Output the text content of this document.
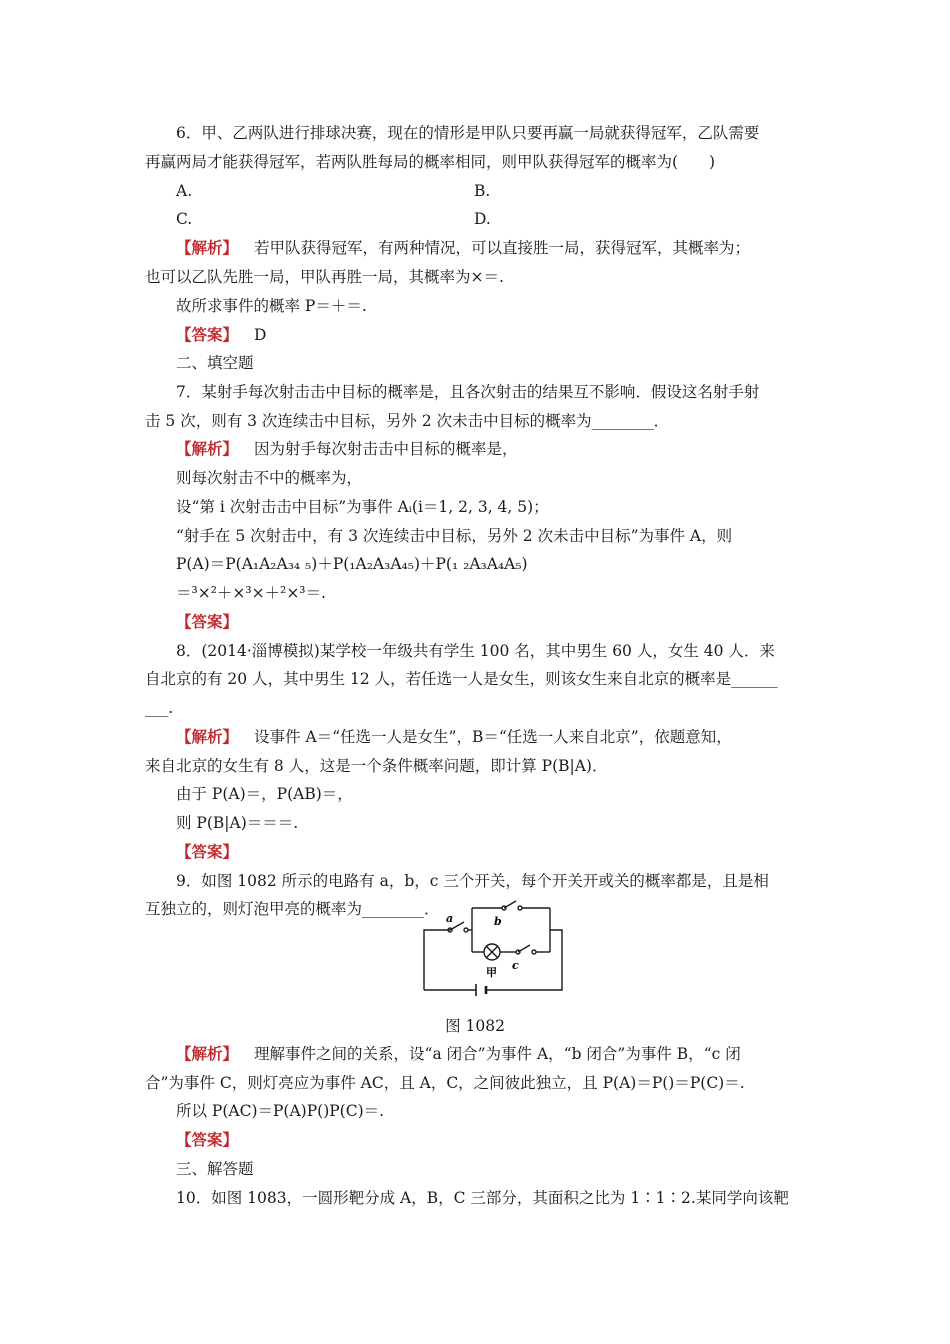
6．甲、乙两队进行排球决赛，现在的情形是甲队只要再赢一局就获得冠军，乙队需要
再赢两局才能获得冠军，若两队胜每局的概率相同，则甲队获得冠军的概率为(　　)
A.	B.
C.	D.
【解析】 若甲队获得冠军，有两种情况，可以直接胜一局，获得冠军，其概率为；
也可以乙队先胜一局，甲队再胜一局，其概率为×＝.
故所求事件的概率 P＝＋＝.
【答案】 D
二、填空题
7．某射手每次射击击中目标的概率是，且各次射击的结果互不影响．假设这名射手射
击 5 次，则有 3 次连续击中目标，另外 2 次未击中目标的概率为________．
【解析】 因为射手每次射击击中目标的概率是，
则每次射击不中的概率为，
设“第 i 次射击击中目标”为事件 Aᵢ(i＝1, 2, 3, 4, 5)；
“射手在 5 次射击中，有 3 次连续击中目标，另外 2 次未击中目标”为事件 A，则
P(A)＝P(A₁A₂A₃₄ ₅)＋P(₁A₂A₃A₄₅)＋P(₁ ₂A₃A₄A₅)
＝³×²＋×³×＋²×³＝.
【答案】
8．(2014·淄博模拟)某学校一年级共有学生 100 名，其中男生 60 人，女生 40 人．来
自北京的有 20 人，其中男生 12 人，若任选一人是女生，则该女生来自北京的概率是______
___.
【解析】 设事件 A＝“任选一人是女生”，B＝“任选一人来自北京”，依题意知，
来自北京的女生有 8 人，这是一个条件概率问题，即计算 P(B|A)．
由于 P(A)＝，P(AB)＝，
则 P(B|A)＝＝＝.
【答案】
9．如图 1082 所示的电路有 a，b，c 三个开关，每个开关开或关的概率都是，且是相
互独立的，则灯泡甲亮的概率为________．
a	b
c
甲
图 1082
【解析】 理解事件之间的关系，设“a 闭合”为事件 A，“b 闭合”为事件 B，“c 闭
合”为事件 C，则灯亮应为事件 AC，且 A，C，之间彼此独立，且 P(A)＝P()＝P(C)＝.
所以 P(AC)＝P(A)P()P(C)＝.
【答案】
三、解答题
10．如图 1083，一圆形靶分成 A，B，C 三部分，其面积之比为 1∶1∶2.某同学向该靶
